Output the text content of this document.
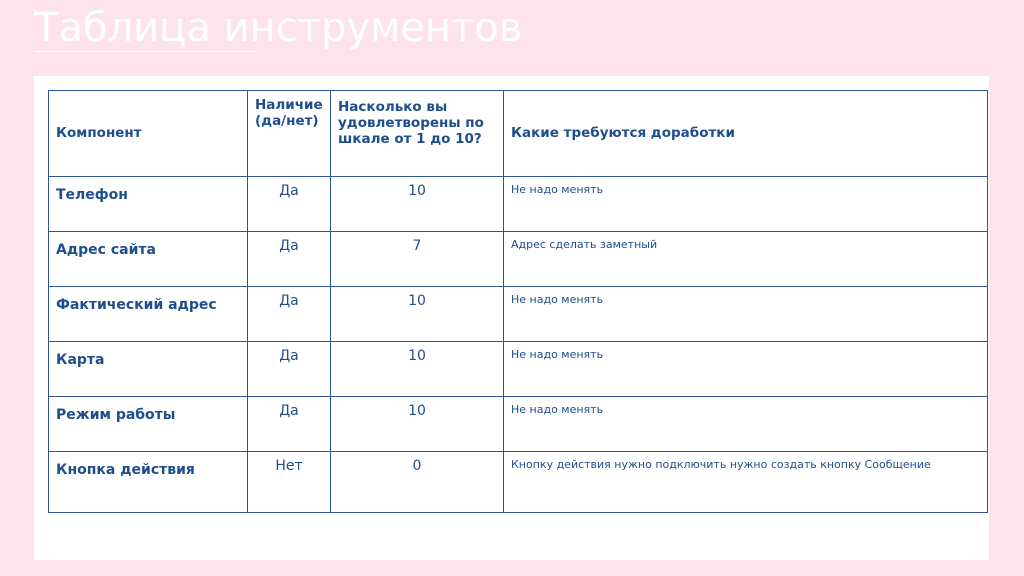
Таблица инструментов
Компонент	Наличие (да/нет)	Насколько вы удовлетворены по шкале от 1 до 10?	Какие требуются доработки
Телефон	Да	10	Не надо менять
Адрес сайта	Да	7	Адрес сделать заметный
Фактический адрес	Да	10	Не надо менять
Карта	Да	10	Не надо менять
Режим работы	Да	10	Не надо менять
Кнопка действия	Нет	0	Кнопку действия нужно подключить нужно создать кнопку Сообщение
